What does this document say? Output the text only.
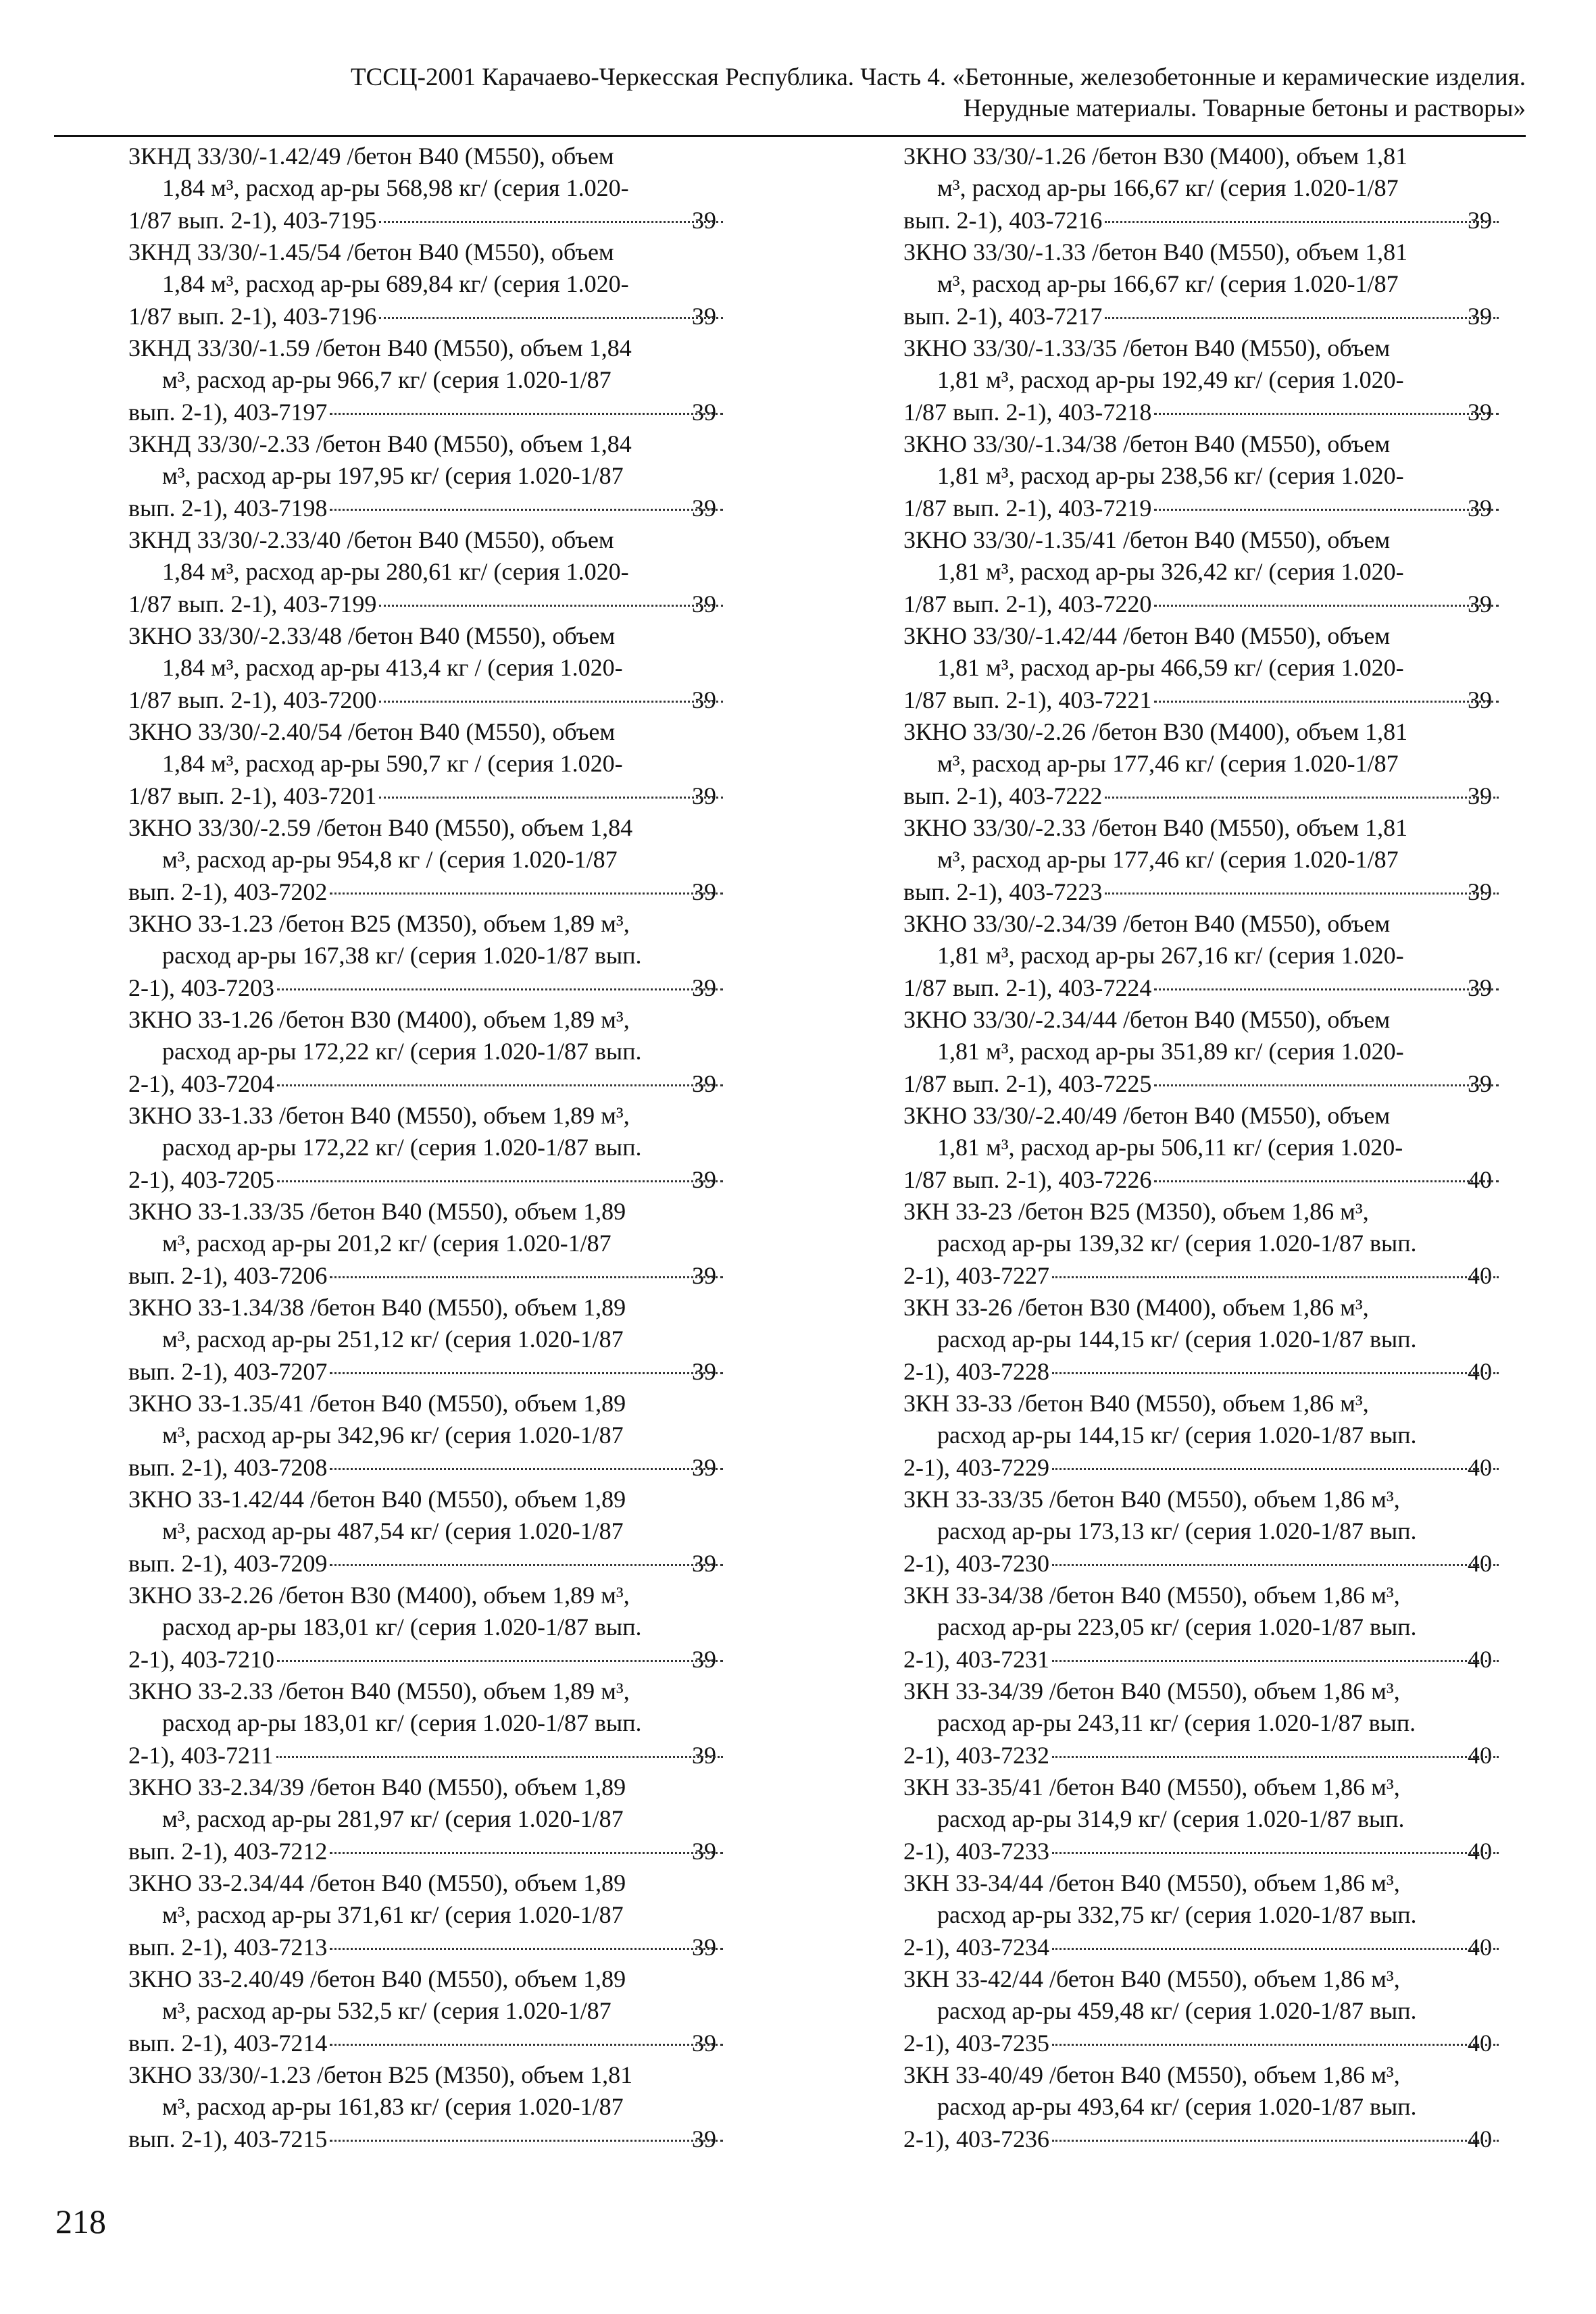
ТССЦ-2001 Карачаево-Черкесская Республика. Часть 4. «Бетонные, железобетонные и керамические изделия.
Нерудные материалы. Товарные бетоны и растворы»
3КНД 33/30/-1.42/49 /бетон В40 (М550), объем
1,84 м³, расход ар-ры 568,98 кг/ (серия 1.020-
1/87 вып. 2-1), 403-7195	39
3КНД 33/30/-1.45/54 /бетон В40 (М550), объем
1,84 м³, расход ар-ры 689,84 кг/ (серия 1.020-
1/87 вып. 2-1), 403-7196	39
3КНД 33/30/-1.59 /бетон В40 (М550), объем 1,84
м³, расход ар-ры 966,7 кг/ (серия 1.020-1/87
вып. 2-1), 403-7197	39
3КНД 33/30/-2.33 /бетон В40 (М550), объем 1,84
м³, расход ар-ры 197,95 кг/ (серия 1.020-1/87
вып. 2-1), 403-7198	39
3КНД 33/30/-2.33/40 /бетон В40 (М550), объем
1,84 м³, расход ар-ры 280,61 кг/ (серия 1.020-
1/87 вып. 2-1), 403-7199	39
3КНО 33/30/-2.33/48 /бетон В40 (М550), объем
1,84 м³, расход ар-ры 413,4 кг / (серия 1.020-
1/87 вып. 2-1), 403-7200	39
3КНО 33/30/-2.40/54 /бетон В40 (М550), объем
1,84 м³, расход ар-ры 590,7 кг / (серия 1.020-
1/87 вып. 2-1), 403-7201	39
3КНО 33/30/-2.59 /бетон В40 (М550), объем 1,84
м³, расход ар-ры 954,8 кг / (серия 1.020-1/87
вып. 2-1), 403-7202	39
3КНО 33-1.23 /бетон В25 (М350), объем 1,89 м³,
расход ар-ры 167,38 кг/ (серия 1.020-1/87 вып.
2-1), 403-7203	39
3КНО 33-1.26 /бетон В30 (М400), объем 1,89 м³,
расход ар-ры 172,22 кг/ (серия 1.020-1/87 вып.
2-1), 403-7204	39
3КНО 33-1.33 /бетон В40 (М550), объем 1,89 м³,
расход ар-ры 172,22 кг/ (серия 1.020-1/87 вып.
2-1), 403-7205	39
3КНО 33-1.33/35 /бетон В40 (М550), объем 1,89
м³, расход ар-ры 201,2 кг/ (серия 1.020-1/87
вып. 2-1), 403-7206	39
3КНО 33-1.34/38 /бетон В40 (М550), объем 1,89
м³, расход ар-ры 251,12 кг/ (серия 1.020-1/87
вып. 2-1), 403-7207	39
3КНО 33-1.35/41 /бетон В40 (М550), объем 1,89
м³, расход ар-ры 342,96 кг/ (серия 1.020-1/87
вып. 2-1), 403-7208	39
3КНО 33-1.42/44 /бетон В40 (М550), объем 1,89
м³, расход ар-ры 487,54 кг/ (серия 1.020-1/87
вып. 2-1), 403-7209	39
3КНО 33-2.26 /бетон В30 (М400), объем 1,89 м³,
расход ар-ры 183,01 кг/ (серия 1.020-1/87 вып.
2-1), 403-7210	39
3КНО 33-2.33 /бетон В40 (М550), объем 1,89 м³,
расход ар-ры 183,01 кг/ (серия 1.020-1/87 вып.
2-1), 403-7211	39
3КНО 33-2.34/39 /бетон В40 (М550), объем 1,89
м³, расход ар-ры 281,97 кг/ (серия 1.020-1/87
вып. 2-1), 403-7212	39
3КНО 33-2.34/44 /бетон В40 (М550), объем 1,89
м³, расход ар-ры 371,61 кг/ (серия 1.020-1/87
вып. 2-1), 403-7213	39
3КНО 33-2.40/49 /бетон В40 (М550), объем 1,89
м³, расход ар-ры 532,5 кг/ (серия 1.020-1/87
вып. 2-1), 403-7214	39
3КНО 33/30/-1.23 /бетон В25 (М350), объем 1,81
м³, расход ар-ры 161,83 кг/ (серия 1.020-1/87
вып. 2-1), 403-7215	39
3КНО 33/30/-1.26 /бетон В30 (М400), объем 1,81
м³, расход ар-ры 166,67 кг/ (серия 1.020-1/87
вып. 2-1), 403-7216	39
3КНО 33/30/-1.33 /бетон В40 (М550), объем 1,81
м³, расход ар-ры 166,67 кг/ (серия 1.020-1/87
вып. 2-1), 403-7217	39
3КНО 33/30/-1.33/35 /бетон В40 (М550), объем
1,81 м³, расход ар-ры 192,49 кг/ (серия 1.020-
1/87 вып. 2-1), 403-7218	39
3КНО 33/30/-1.34/38 /бетон В40 (М550), объем
1,81 м³, расход ар-ры 238,56 кг/ (серия 1.020-
1/87 вып. 2-1), 403-7219	39
3КНО 33/30/-1.35/41 /бетон В40 (М550), объем
1,81 м³, расход ар-ры 326,42 кг/ (серия 1.020-
1/87 вып. 2-1), 403-7220	39
3КНО 33/30/-1.42/44 /бетон В40 (М550), объем
1,81 м³, расход ар-ры 466,59 кг/ (серия 1.020-
1/87 вып. 2-1), 403-7221	39
3КНО 33/30/-2.26 /бетон В30 (М400), объем 1,81
м³, расход ар-ры 177,46 кг/ (серия 1.020-1/87
вып. 2-1), 403-7222	39
3КНО 33/30/-2.33 /бетон В40 (М550), объем 1,81
м³, расход ар-ры 177,46 кг/ (серия 1.020-1/87
вып. 2-1), 403-7223	39
3КНО 33/30/-2.34/39 /бетон В40 (М550), объем
1,81 м³, расход ар-ры 267,16 кг/ (серия 1.020-
1/87 вып. 2-1), 403-7224	39
3КНО 33/30/-2.34/44 /бетон В40 (М550), объем
1,81 м³, расход ар-ры 351,89 кг/ (серия 1.020-
1/87 вып. 2-1), 403-7225	39
3КНО 33/30/-2.40/49 /бетон В40 (М550), объем
1,81 м³, расход ар-ры 506,11 кг/ (серия 1.020-
1/87 вып. 2-1), 403-7226	40
3КН 33-23 /бетон В25 (М350), объем 1,86 м³,
расход ар-ры 139,32 кг/ (серия 1.020-1/87 вып.
2-1), 403-7227	40
3КН 33-26 /бетон В30 (М400), объем 1,86 м³,
расход ар-ры 144,15 кг/ (серия 1.020-1/87 вып.
2-1), 403-7228	40
3КН 33-33 /бетон В40 (М550), объем 1,86 м³,
расход ар-ры 144,15 кг/ (серия 1.020-1/87 вып.
2-1), 403-7229	40
3КН 33-33/35 /бетон В40 (М550), объем 1,86 м³,
расход ар-ры 173,13 кг/ (серия 1.020-1/87 вып.
2-1), 403-7230	40
3КН 33-34/38 /бетон В40 (М550), объем 1,86 м³,
расход ар-ры 223,05 кг/ (серия 1.020-1/87 вып.
2-1), 403-7231	40
3КН 33-34/39 /бетон В40 (М550), объем 1,86 м³,
расход ар-ры 243,11 кг/ (серия 1.020-1/87 вып.
2-1), 403-7232	40
3КН 33-35/41 /бетон В40 (М550), объем 1,86 м³,
расход ар-ры 314,9 кг/ (серия 1.020-1/87 вып.
2-1), 403-7233	40
3КН 33-34/44 /бетон В40 (М550), объем 1,86 м³,
расход ар-ры 332,75 кг/ (серия 1.020-1/87 вып.
2-1), 403-7234	40
3КН 33-42/44 /бетон В40 (М550), объем 1,86 м³,
расход ар-ры 459,48 кг/ (серия 1.020-1/87 вып.
2-1), 403-7235	40
3КН 33-40/49 /бетон В40 (М550), объем 1,86 м³,
расход ар-ры 493,64 кг/ (серия 1.020-1/87 вып.
2-1), 403-7236	40
218
